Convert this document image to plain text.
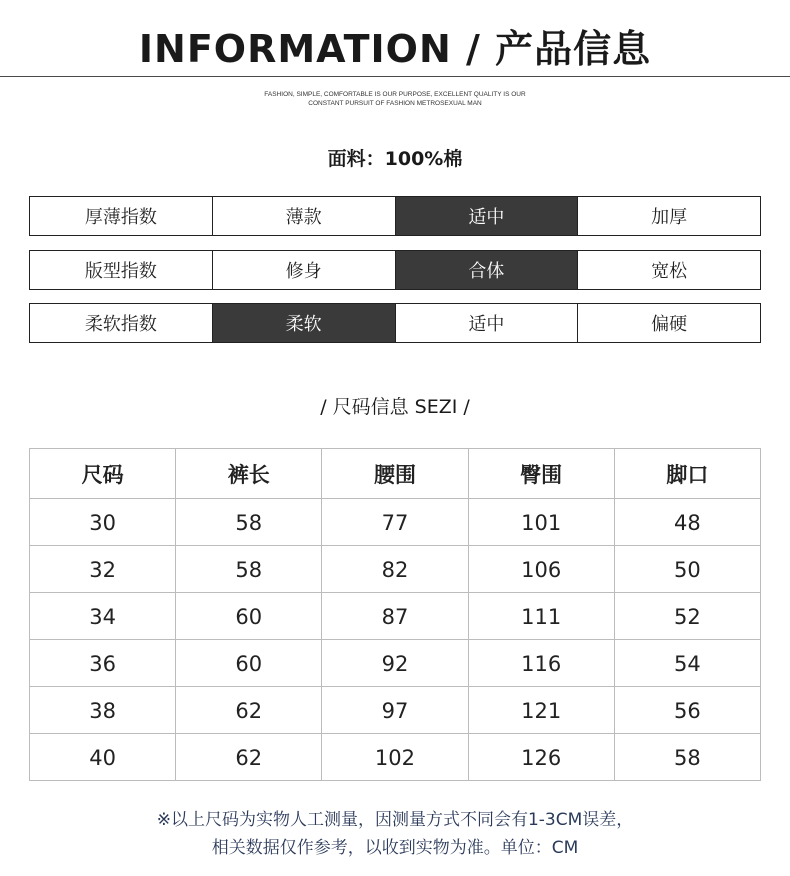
INFORMATION / 产品信息
FASHION, SIMPLE, COMFORTABLE IS OUR PURPOSE, EXCELLENT QUALITY IS OUR
CONSTANT PURSUIT OF FASHION METROSEXUAL MAN
面料：100%棉
厚薄指数	薄款	适中	加厚
版型指数	修身	合体	宽松
柔软指数	柔软	适中	偏硬
/ 尺码信息 SEZI /
尺码	裤长	腰围	臀围	脚口
30	58	77	101	48
32	58	82	106	50
34	60	87	111	52
36	60	92	116	54
38	62	97	121	56
40	62	102	126	58
※以上尺码为实物人工测量，因测量方式不同会有1-3CM误差，
相关数据仅作参考，以收到实物为准。单位：CM
